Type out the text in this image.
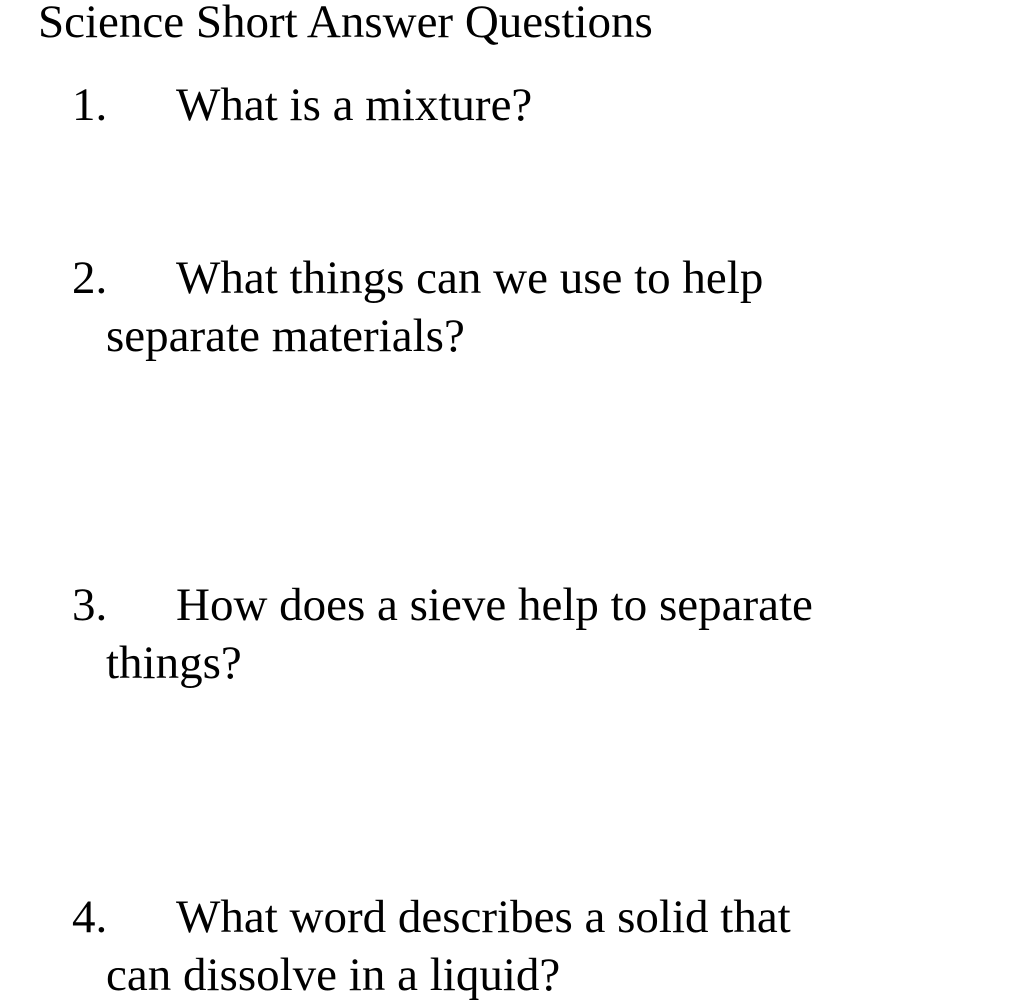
Science Short Answer Questions
1. What is a mixture?
2. What things can we use to help
separate materials?
3. How does a sieve help to separate
things?
4. What word describes a solid that
can dissolve in a liquid?
